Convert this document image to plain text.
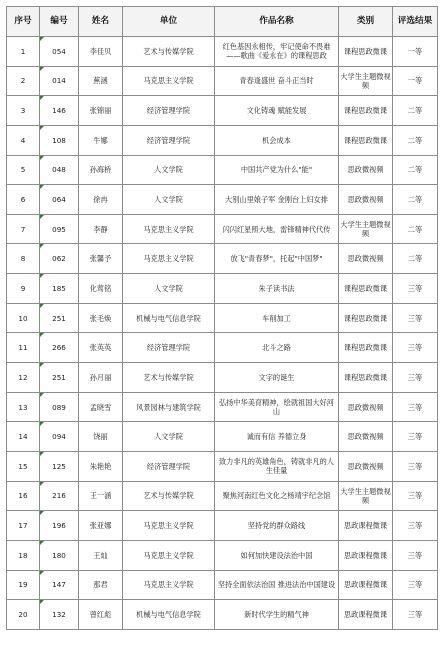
序号	编号	姓名	单位	作品名称	类别	评选结果
1	054	李佳贝	艺术与传媒学院	红色基因永相传，牢记使命不畏难——歌曲《爱永在》的课程思政	课程思政微课	一等
2	014	蕉涵	马克思主义学院	青春逢盛世 奋斗正当时	大学生主题微视频	一等
3	146	张锦丽	经济管理学院	文化铸魂 赋能发展	课程思政微课	二等
4	108	牛娜	经济管理学院	机会成本	课程思政微课	二等
5	048	孙海桥	人文学院	中国共产党为什么"能"	思政微视频	二等
6	064	徐冉	人文学院	大别山里娘子军 金刚台上妇女排	思政微视频	二等
7	095	李静	马克思主义学院	闪闪红星照大地，雷锋精神代代传	大学生主题微视频	二等
8	062	张馨予	马克思主义学院	放飞"青春梦"，托起"中国梦"	思政微视频	二等
9	185	化莺铭	人文学院	朱子读书法	课程思政微课	三等
10	251	张毛焕	机械与电气信息学院	车削加工	课程思政微课	三等
11	266	张英英	经济管理学院	北斗之路	课程思政微课	三等
12	251	孙月丽	艺术与传媒学院	文字的诞生	课程思政微课	三等
13	089	孟晓雪	风景园林与建筑学院	弘扬中华美育精神，绘就祖国大好河山	思政微视频	三等
14	094	饶丽	人文学院	诚而有信 养德立身	思政微视频	三等
15	125	朱艳艳	经济管理学院	致力非凡的英雄角色，铸就非凡的人生佳量	思政微视频	三等
16	216	王一涵	艺术与传媒学院	聚焦河南红色文化之杨靖宇纪念馆	大学生主题微视频	三等
17	196	张亚娜	马克思主义学院	坚持党的群众路线	思政课程微课	三等
18	180	王灿	马克思主义学院	如何加快建设法治中国	思政课程微课	三等
19	147	那君	马克思主义学院	坚持全面依法治国 推进法治中国建设	思政课程微课	三等
20	132	曾红彪	机械与电气信息学院	新时代学生的精气神	思政课程微课	三等
